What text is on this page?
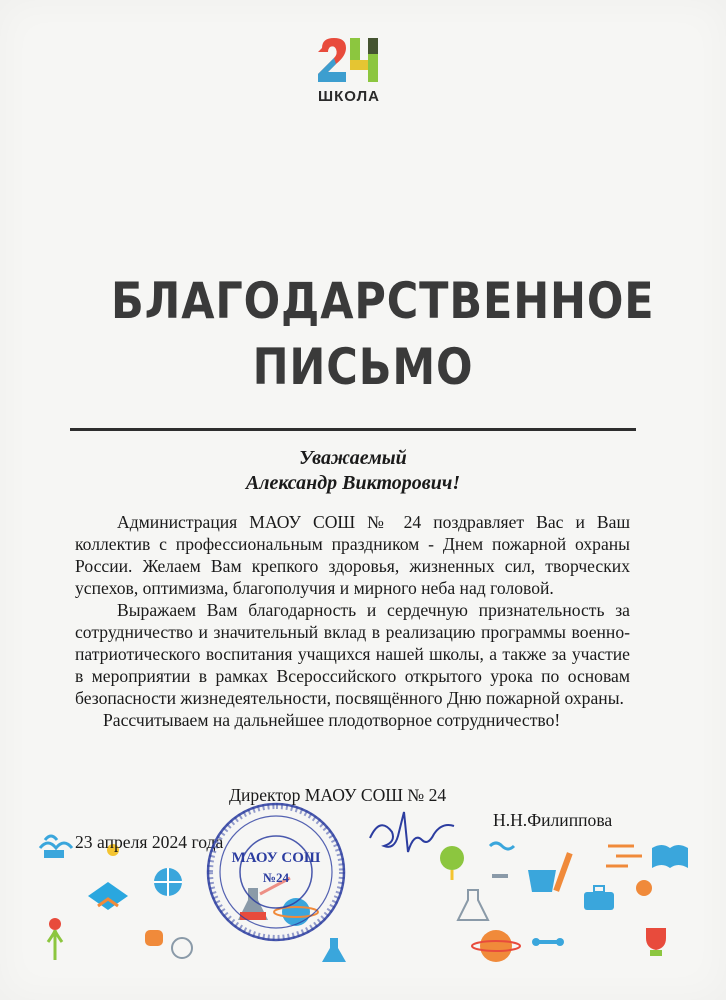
ШКОЛА
БЛАГОДАРСТВЕННОЕ
ПИСЬМО
Уважаемый
Александр Викторович!

Администрация МАОУ СОШ № 24 поздравляет Вас и Ваш коллектив с профессиональным праздником - Днем пожарной охраны России. Желаем Вам крепкого здоровья, жизненных сил, творческих успехов, оптимизма, благополучия и мирного неба над головой.

Выражаем Вам благодарность и сердечную признательность за сотрудничество и значительный вклад в реализацию программы военно-патриотического воспитания учащихся нашей школы, а также за участие в мероприятии в рамках Всероссийского открытого урока по основам безопасности жизнедеятельности, посвящённого Дню пожарной охраны.

Рассчитываем на дальнейшее плодотворное сотрудничество!

Директор МАОУ СОШ № 24
Н.Н.Филиппова
23 апреля 2024 года
МАОУ СОШ
№24
